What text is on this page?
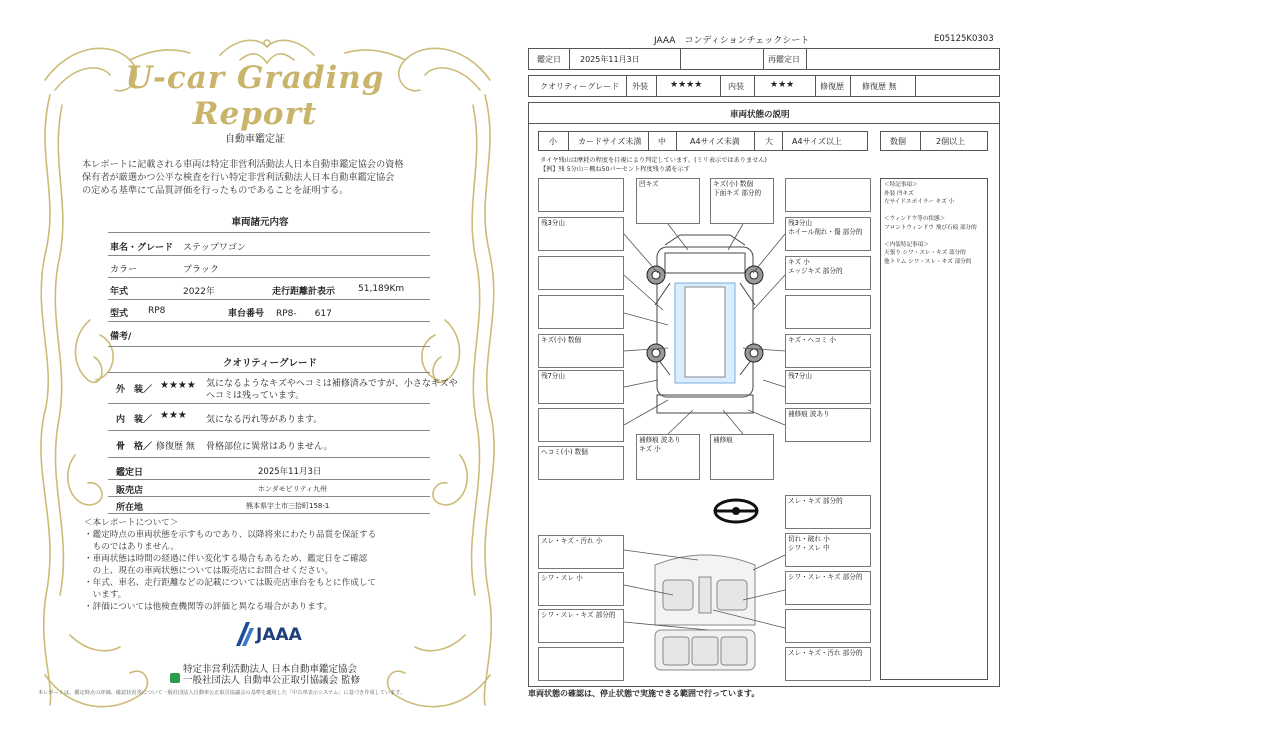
U-car Grading Report
自動車鑑定証
本レポートに記載される車両は特定非営利活動法人日本自動車鑑定協会の資格
保有者が厳選かつ公平な検査を行い特定非営利活動法人日本自動車鑑定協会
の定める基準にて品質評価を行ったものであることを証明する。
車両諸元内容
車名・グレード ステップワゴン
カラー	ブラック
年式	2022年	走行距離計表示	51,189Km
型式 RP8	車台番号 RP8-　　617
備考/
クオリティーグレード
外　装／ ★★★★ 気になるようなキズやヘコミは補修済みですが、小さなキズや
ヘコミは残っています。
内　装／ ★★★ 気になる汚れ等があります。
骨　格／ 修復歴 無 骨格部位に異常はありません。
鑑定日	2025年11月3日
販売店	ホンダモビリティ九州
所在地	熊本県宇土市三拾町158-1
＜本レポートについて＞
・鑑定時点の車両状態を示すものであり、以降将来にわたり品質を保証する
　ものではありません。
・車両状態は時間の経過に伴い変化する場合もあるため、鑑定日をご確認
　の上、現在の車両状態については販売店にお問合せください。
・年式、車名、走行距離などの記載については販売店車台をもとに作成して
　います。
・評価については他検査機関等の評価と異なる場合があります。
JAAA
特定非営利活動法人 日本自動車鑑定協会
一般社団法人 自動車公正取引協議会 監修
本レポートは、鑑定時点の評価、確認状況等について一般社団法人自動車公正取引協議会の基準を適用した「中古車表示システム」に基づき作成しています。
JAAA　コンディションチェックシート	E05125K0303
鑑定日 2025年11月3日	再鑑定日
クオリティーグレード 外装 ★★★★	内装	★★★	修復歴 修復歴 無
車両状態の説明
小	カードサイズ未満 中	A4サイズ未満	大 A4サイズ以上	数個	2個以上
タイヤ残山は摩耗の程度を目視により判定しています。(ミリ表示ではありません)
【例】残 5分山＝概ね50パーセント程度残り溝を示す
＜特記事項＞
外装 凹キズ
左サイドスポイラー キズ 小

＜ウィンドウ等の状態＞
フロントウィンドウ 飛び石痕 部分的

＜内装特記事項＞
天張り シワ・スレ・キズ 部分的
他トリム シワ・スレ・キズ 部分的
残3分山
キズ(小) 数個
残7分山
ヘコミ(小) 数個
スレ・キズ・汚れ 小
シワ・スレ 小
シワ・スレ・キズ 部分的
凹キズ	キズ(小) 数個
下面キズ 部分的
残3分山
ホイール削れ・傷 部分的
キズ 小
エッジキズ 部分的
キズ・ヘコミ 小
残7分山
補修痕 波あり
スレ・キズ 部分的
切れ・破れ 小
シワ・スレ 中
シワ・スレ・キズ 部分的
スレ・キズ・汚れ 部分的
補修痕 波あり
キズ 小
補修痕
車両状態の確認は、停止状態で実施できる範囲で行っています。
